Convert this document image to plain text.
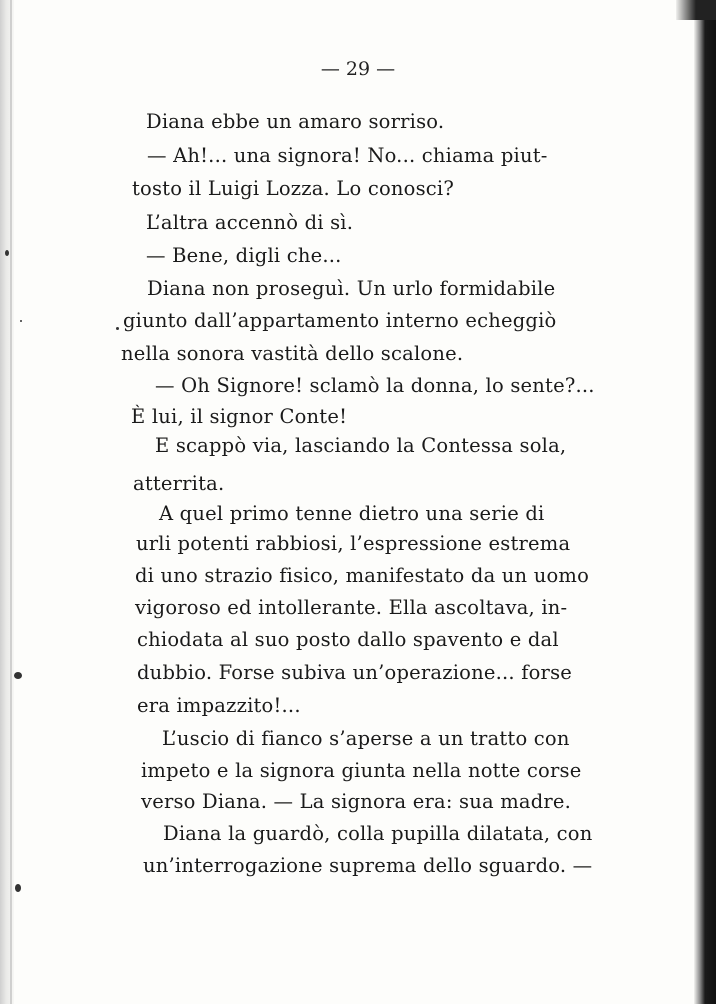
— 29 —
Diana ebbe un amaro sorriso.
— Ah!... una signora! No... chiama piut-
tosto il Luigi Lozza. Lo conosci?
L’altra accennò di sì.
— Bene, digli che...
Diana non proseguì. Un urlo formidabile
giunto dall’appartamento interno echeggiò
nella sonora vastità dello scalone.
— Oh Signore! sclamò la donna, lo sente?...
È lui, il signor Conte!
E scappò via, lasciando la Contessa sola,
atterrita.
A quel primo tenne dietro una serie di
urli potenti rabbiosi, l’espressione estrema
di uno strazio fisico, manifestato da un uomo
vigoroso ed intollerante. Ella ascoltava, in-
chiodata al suo posto dallo spavento e dal
dubbio. Forse subiva un’operazione... forse
era impazzito!...
L’uscio di fianco s’aperse a un tratto con
impeto e la signora giunta nella notte corse
verso Diana. — La signora era: sua madre.
Diana la guardò, colla pupilla dilatata, con
un’interrogazione suprema dello sguardo. —
